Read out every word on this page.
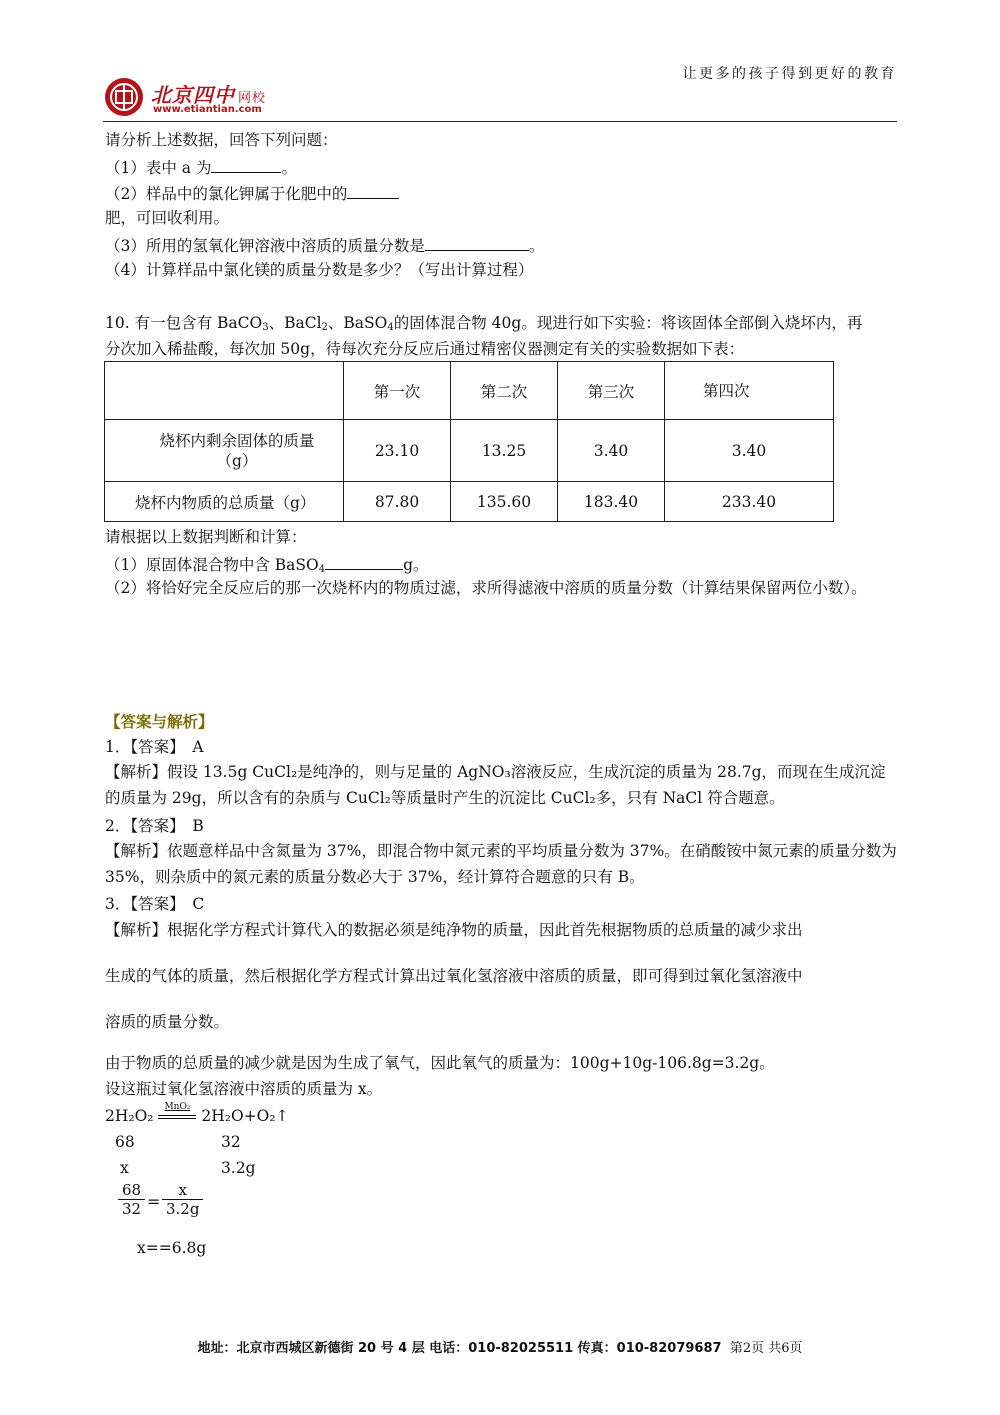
北京四中 网校
www.etiantian.com
让更多的孩子得到更好的教育
请分析上述数据，回答下列问题：
（1）表中 a 为	。
（2）样品中的氯化钾属于化肥中的
肥，可回收利用。
（3）所用的氢氧化钾溶液中溶质的质量分数是	。
（4）计算样品中氯化镁的质量分数是多少？（写出计算过程）
10. 有一包含有 BaCO$_3$、BaCl$_2$、BaSO$_4$的固体混合物 40g。现进行如下实验：将该固体全部倒入烧坏内，再
分次加入稀盐酸，每次加 50g，待每次充分反应后通过精密仪器测定有关的实验数据如下表：
	第一次	第二次	第三次	第四次
烧杯内剩余固体的质量（g）	23.10	13.25	3.40	3.40
烧杯内物质的总质量（g）	87.80	135.60	183.40	233.40
请根据以上数据判断和计算：
（1）原固体混合物中含 BaSO$_4$	g。
（2）将恰好完全反应后的那一次烧杯内的物质过滤，求所得滤液中溶质的质量分数（计算结果保留两位小数）。
【答案与解析】
1．【答案】　A
【解析】假设 13.5g CuCl₂是纯净的，则与足量的 AgNO₃溶液反应，生成沉淀的质量为 28.7g，而现在生成沉淀的质量为 29g，所以含有的杂质与 CuCl₂等质量时产生的沉淀比 CuCl₂多，只有 NaCl 符合题意。
2．【答案】　B
【解析】依题意样品中含氮量为 37%，即混合物中氮元素的平均质量分数为 37%。在硝酸铵中氮元素的质量分数为 35%，则杂质中的氮元素的质量分数必大于 37%，经计算符合题意的只有 B。
3．【答案】　C
【解析】根据化学方程式计算代入的数据必须是纯净物的质量，因此首先根据物质的总质量的减少求出
生成的气体的质量，然后根据化学方程式计算出过氧化氢溶液中溶质的质量，即可得到过氧化氢溶液中
溶质的质量分数。
由于物质的总质量的减少就是因为生成了氧气，因此氧气的质量为：100g+10g-106.8g=3.2g。
设这瓶过氧化氢溶液中溶质的质量为 x。
2H₂O₂	MnO₂ 2H₂O+O₂↑
68	32
x	3.2g
$\frac{68}{32} = \frac{x}{3.2g}$
x==6.8g
地址：北京市西城区新德街 20 号 4 层 电话：010-82025511 传真：010-82079687 第2页 共6页
